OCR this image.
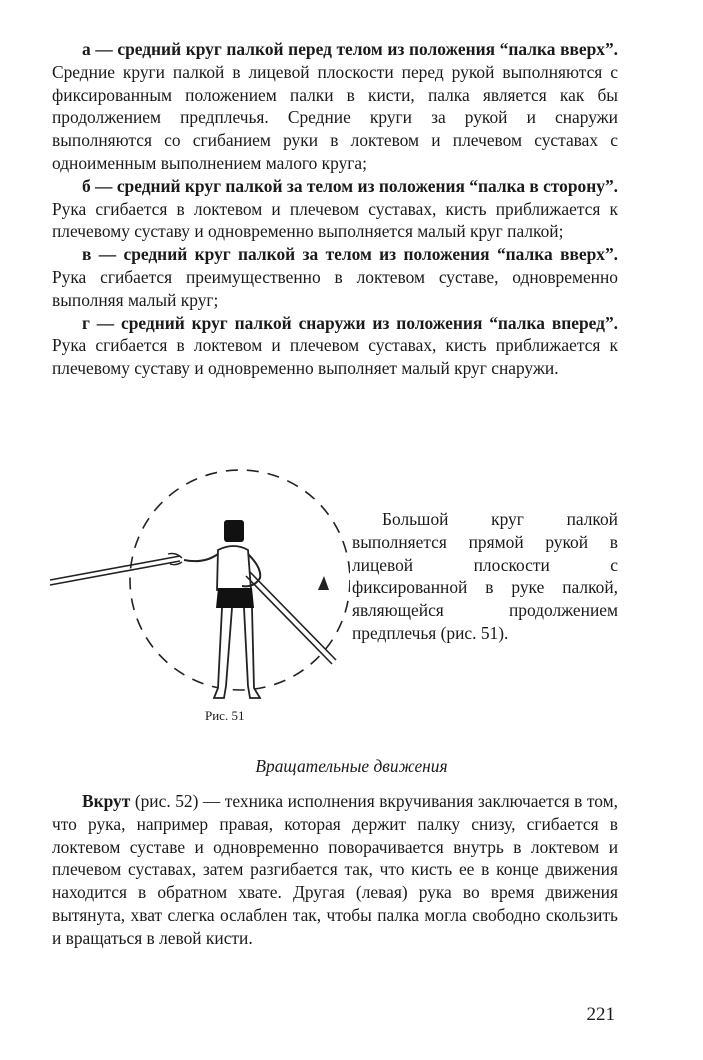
а — средний круг палкой перед телом из положения “палка вверх”. Средние круги палкой в лицевой плоскости перед рукой выполняются с фиксированным положением палки в кисти, палка является как бы продолжением предплечья. Средние круги за рукой и снаружи выполняются со сгибанием руки в локтевом и плечевом суставах с одноименным выполнением малого круга;

б — средний круг палкой за телом из положения “палка в сторону”. Рука сгибается в локтевом и плечевом суставах, кисть приближается к плечевому суставу и одновременно выполняется малый круг палкой;

в — средний круг палкой за телом из положения “палка вверх”. Рука сгибается преимущественно в локтевом суставе, одновременно выполняя малый круг;

г — средний круг палкой снаружи из положения “палка вперед”. Рука сгибается в локтевом и плечевом суставах, кисть приближается к плечевому суставу и одновременно выполняет малый круг снаружи.

Рис. 51
Большой круг палкой выполняется прямой рукой в лицевой плоскости с фиксированной в руке палкой, являющейся продолжением предплечья (рис. 51).
Вращательные движения

Вкрут (рис. 52) — техника исполнения вкручивания заключается в том, что рука, например правая, которая держит палку снизу, сгибается в локтевом суставе и одновременно поворачивается внутрь в локтевом и плечевом суставах, затем разгибается так, что кисть ее в конце движения находится в обратном хвате. Другая (левая) рука во время движения вытянута, хват слегка ослаблен так, чтобы палка могла свободно скользить и вращаться в левой кисти.

221
